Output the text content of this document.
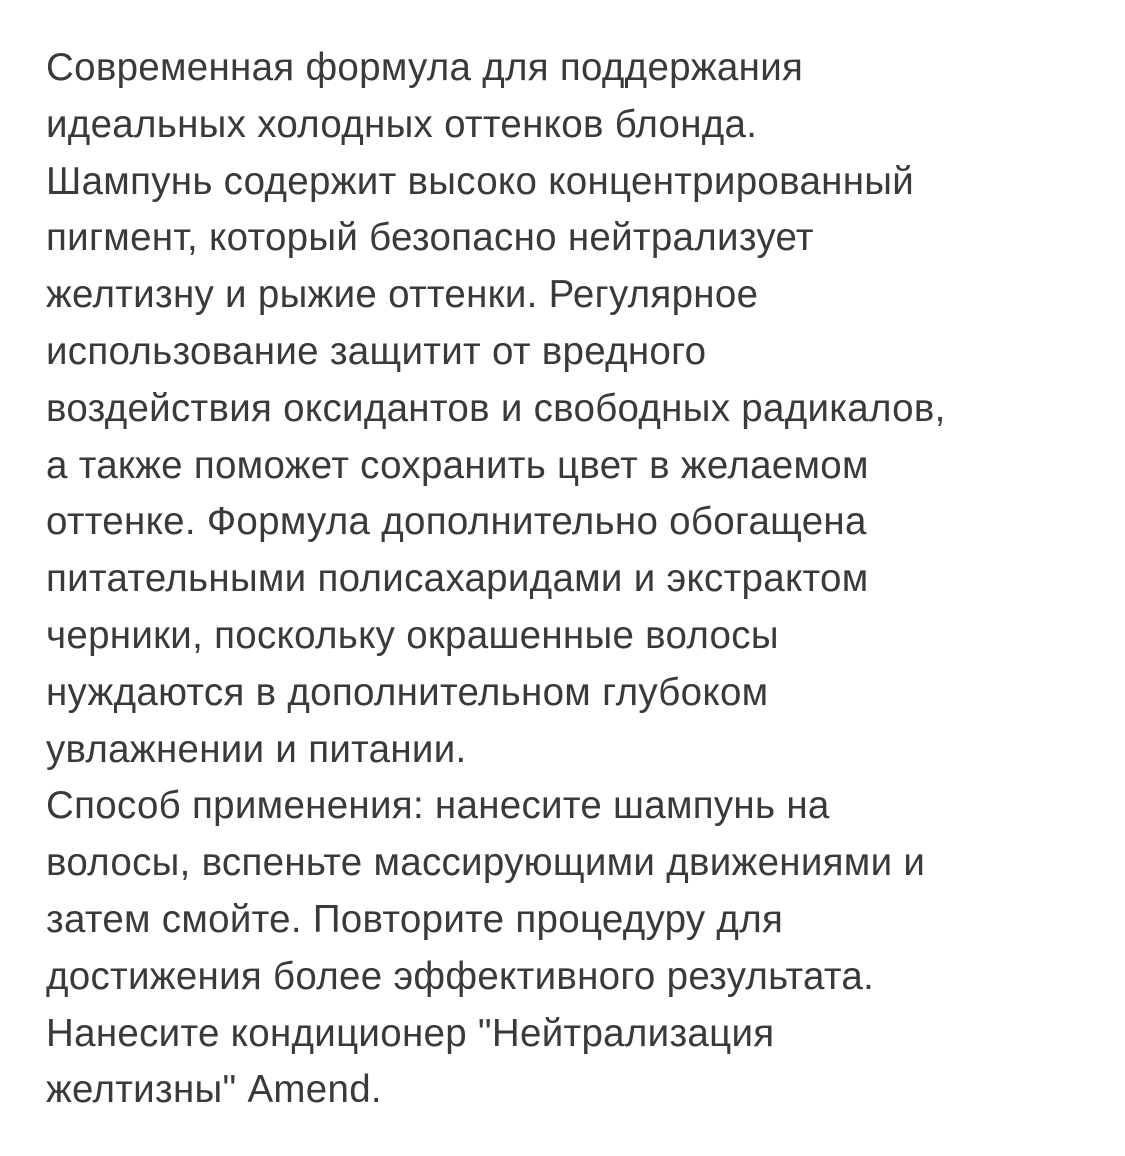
Современная формула для поддержания
идеальных холодных оттенков блонда.
Шампунь содержит высоко концентрированный
пигмент, который безопасно нейтрализует
желтизну и рыжие оттенки. Регулярное
использование защитит от вредного
воздействия оксидантов и свободных радикалов,
а также поможет сохранить цвет в желаемом
оттенке. Формула дополнительно обогащена
питательными полисахаридами и экстрактом
черники, поскольку окрашенные волосы
нуждаются в дополнительном глубоком
увлажнении и питании.
Способ применения: нанесите шампунь на
волосы, вспеньте массирующими движениями и
затем смойте. Повторите процедуру для
достижения более эффективного результата.
Нанесите кондиционер "Нейтрализация
желтизны" Amend.
